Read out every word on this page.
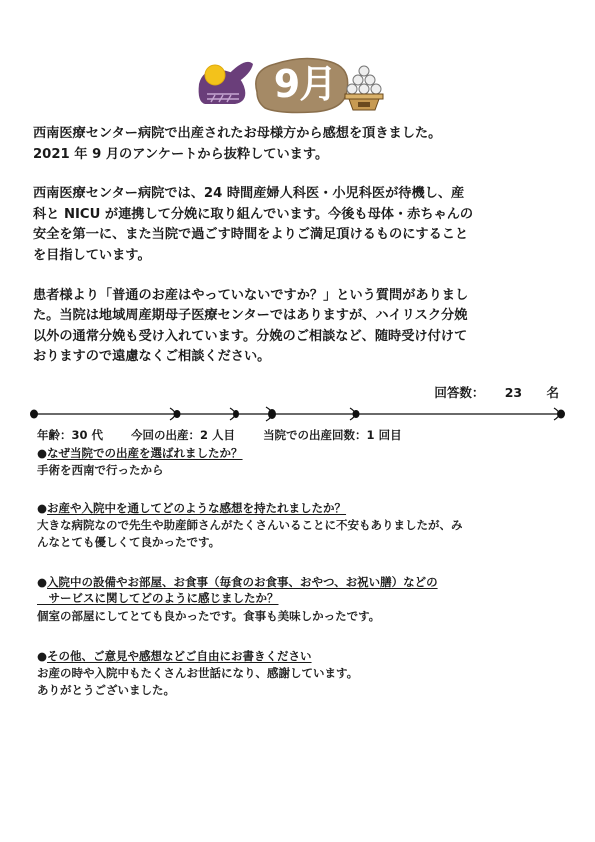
9月

西南医療センター病院で出産されたお母様方から感想を頂きました。
2021 年 9 月のアンケートから抜粋しています。

西南医療センター病院では、24 時間産婦人科医・小児科医が待機し、産
科と NICU が連携して分娩に取り組んでいます。今後も母体・赤ちゃんの
安全を第一に、また当院で過ごす時間をよりご満足頂けるものにすること
を目指しています。

患者様より「普通のお産はやっていないですか？」という質問がありまし
た。当院は地域周産期母子医療センターではありますが、ハイリスク分娩
以外の通常分娩も受け入れています。分娩のご相談など、随時受け付けて
おりますので遠慮なくご相談ください。

回答数： 23 名
年齢：30 代 今回の出産：2 人目 当院での出産回数：1 回目
●なぜ当院での出産を選ばれましたか？
手術を西南で行ったから
●お産や入院中を通してどのような感想を持たれましたか？
大きな病院なので先生や助産師さんがたくさんいることに不安もありましたが、み
んなとても優しくて良かったです。
●入院中の設備やお部屋、お食事（毎食のお食事、おやつ、お祝い膳）などの
　サービスに関してどのように感じましたか？
個室の部屋にしてとても良かったです。食事も美味しかったです。
●その他、ご意見や感想などご自由にお書きください
お産の時や入院中もたくさんお世話になり、感謝しています。
ありがとうございました。
